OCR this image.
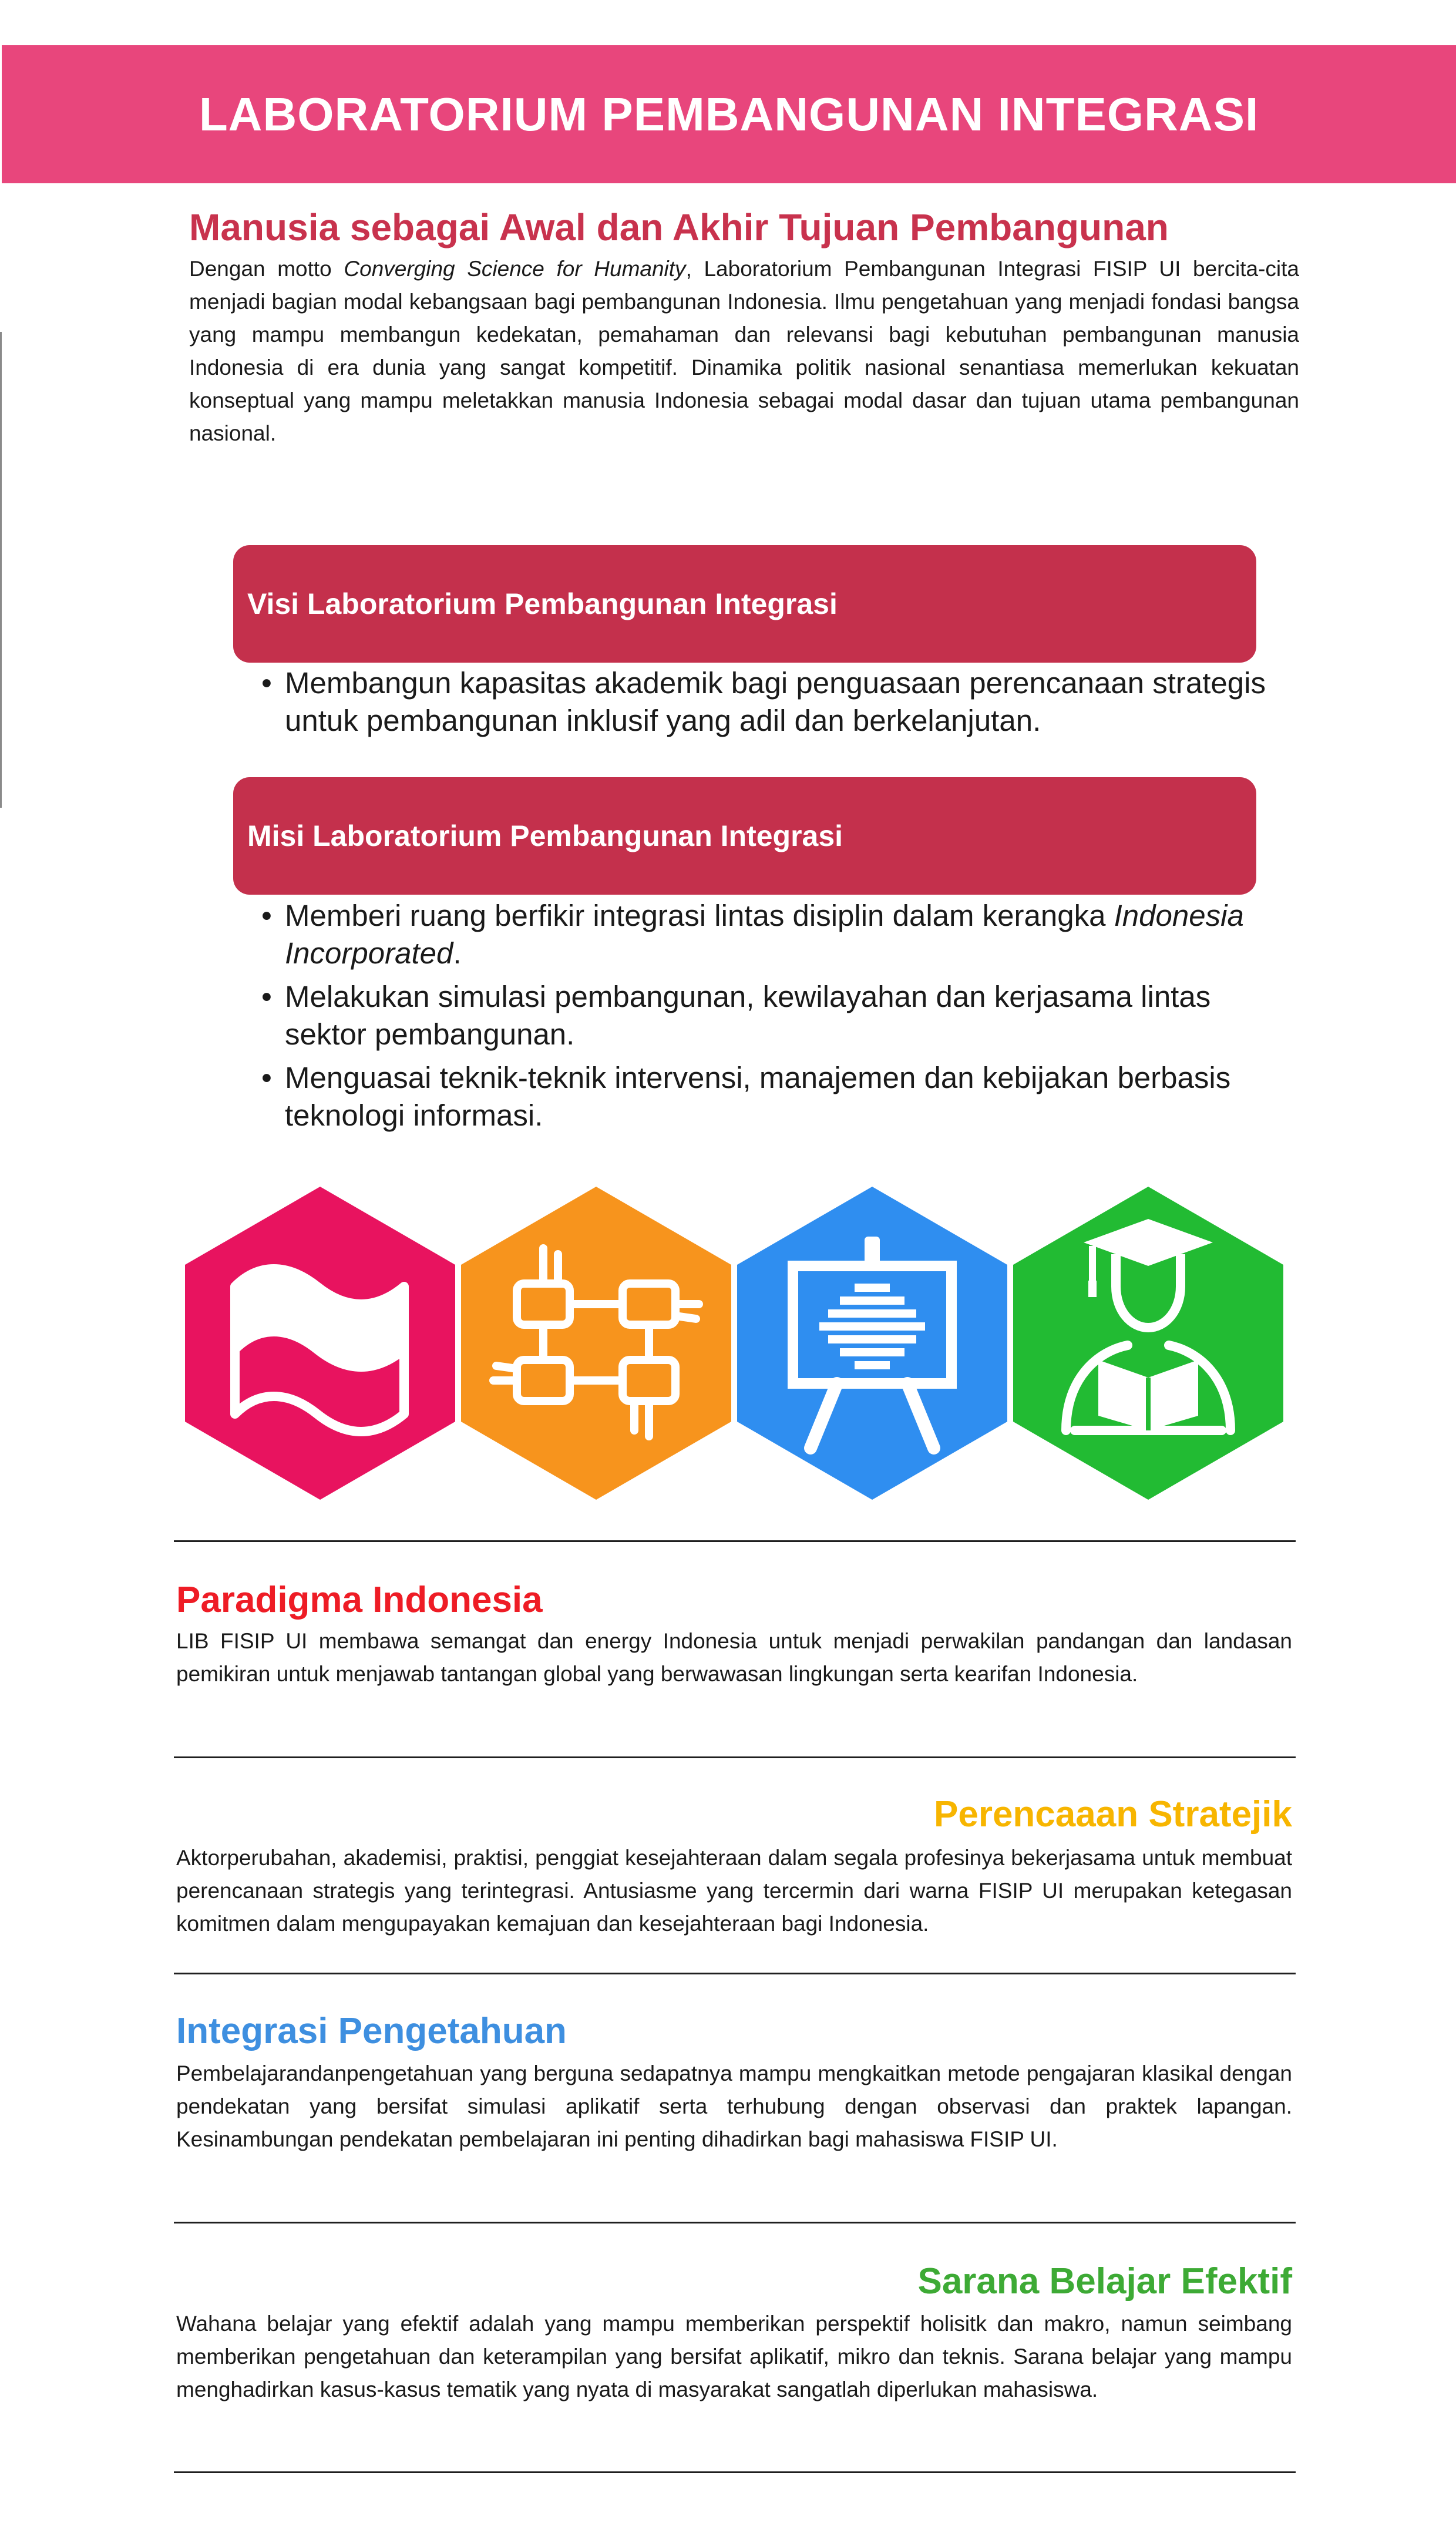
LABORATORIUM PEMBANGUNAN INTEGRASI
Manusia sebagai Awal dan Akhir Tujuan Pembangunan

Dengan motto Converging Science for Humanity, Laboratorium Pembangunan Integrasi FISIP UI bercita-cita menjadi bagian modal kebangsaan bagi pembangunan Indonesia. Ilmu pengetahuan yang menjadi fondasi bangsa yang mampu membangun kedekatan, pemahaman dan relevansi bagi kebutuhan pembangunan manusia Indonesia di era dunia yang sangat kompetitif. Dinamika politik nasional senantiasa memerlukan kekuatan konseptual yang mampu meletakkan manusia Indonesia sebagai modal dasar dan tujuan utama pembangunan nasional.

Visi Laboratorium Pembangunan Integrasi
• Membangun kapasitas akademik bagi penguasaan perencanaan strategis untuk pembangunan inklusif yang adil dan berkelanjutan.
Misi Laboratorium Pembangunan Integrasi
• Memberi ruang berfikir integrasi lintas disiplin dalam kerangka Indonesia Incorporated.
• Melakukan simulasi pembangunan, kewilayahan dan kerjasama lintas sektor pembangunan.
• Menguasai teknik-teknik intervensi, manajemen dan kebijakan berbasis teknologi informasi.
Paradigma Indonesia

LIB FISIP UI membawa semangat dan energy Indonesia untuk menjadi perwakilan pandangan dan landasan pemikiran untuk menjawab tantangan global yang berwawasan lingkungan serta kearifan Indonesia.

Perencaaan Stratejik

Aktorperubahan, akademisi, praktisi, penggiat kesejahteraan dalam segala profesinya bekerjasama untuk membuat perencanaan strategis yang terintegrasi. Antusiasme yang tercermin dari warna FISIP UI merupakan ketegasan komitmen dalam mengupayakan kemajuan dan kesejahteraan bagi Indonesia.

Integrasi Pengetahuan

Pembelajarandanpengetahuan yang berguna sedapatnya mampu mengkaitkan metode pengajaran klasikal dengan pendekatan yang bersifat simulasi aplikatif serta terhubung dengan observasi dan praktek lapangan. Kesinambungan pendekatan pembelajaran ini penting dihadirkan bagi mahasiswa FISIP UI.

Sarana Belajar Efektif

Wahana belajar yang efektif adalah yang mampu memberikan perspektif holisitk dan makro, namun seimbang memberikan pengetahuan dan keterampilan yang bersifat aplikatif, mikro dan teknis. Sarana belajar yang mampu menghadirkan kasus-kasus tematik yang nyata di masyarakat sangatlah diperlukan mahasiswa.
